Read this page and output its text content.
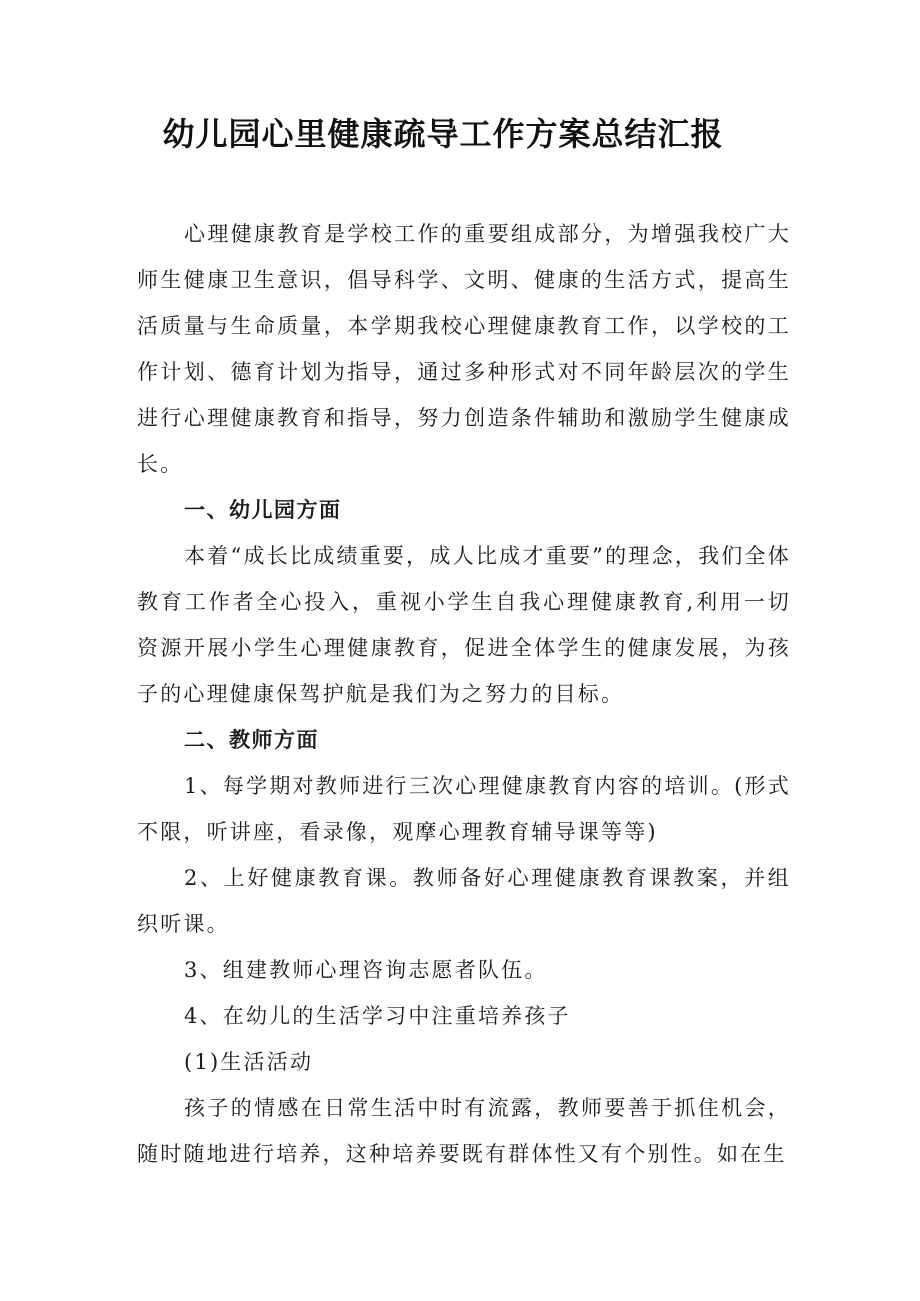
幼儿园心里健康疏导工作方案总结汇报

心理健康教育是学校工作的重要组成部分，为增强我校广大师生健康卫生意识，倡导科学、文明、健康的生活方式，提高生活质量与生命质量，本学期我校心理健康教育工作，以学校的工作计划、德育计划为指导，通过多种形式对不同年龄层次的学生进行心理健康教育和指导，努力创造条件辅助和激励学生健康成长。

一、幼儿园方面

本着“成长比成绩重要，成人比成才重要”的理念，我们全体教育工作者全心投入，重视小学生自我心理健康教育,利用一切资源开展小学生心理健康教育，促进全体学生的健康发展，为孩子的心理健康保驾护航是我们为之努力的目标。

二、教师方面

1、每学期对教师进行三次心理健康教育内容的培训。(形式不限，听讲座，看录像，观摩心理教育辅导课等等)

2、上好健康教育课。教师备好心理健康教育课教案，并组织听课。

3、组建教师心理咨询志愿者队伍。

4、在幼儿的生活学习中注重培养孩子

(1)生活活动

孩子的情感在日常生活中时有流露，教师要善于抓住机会，随时随地进行培养，这种培养要既有群体性又有个别性。如在生
